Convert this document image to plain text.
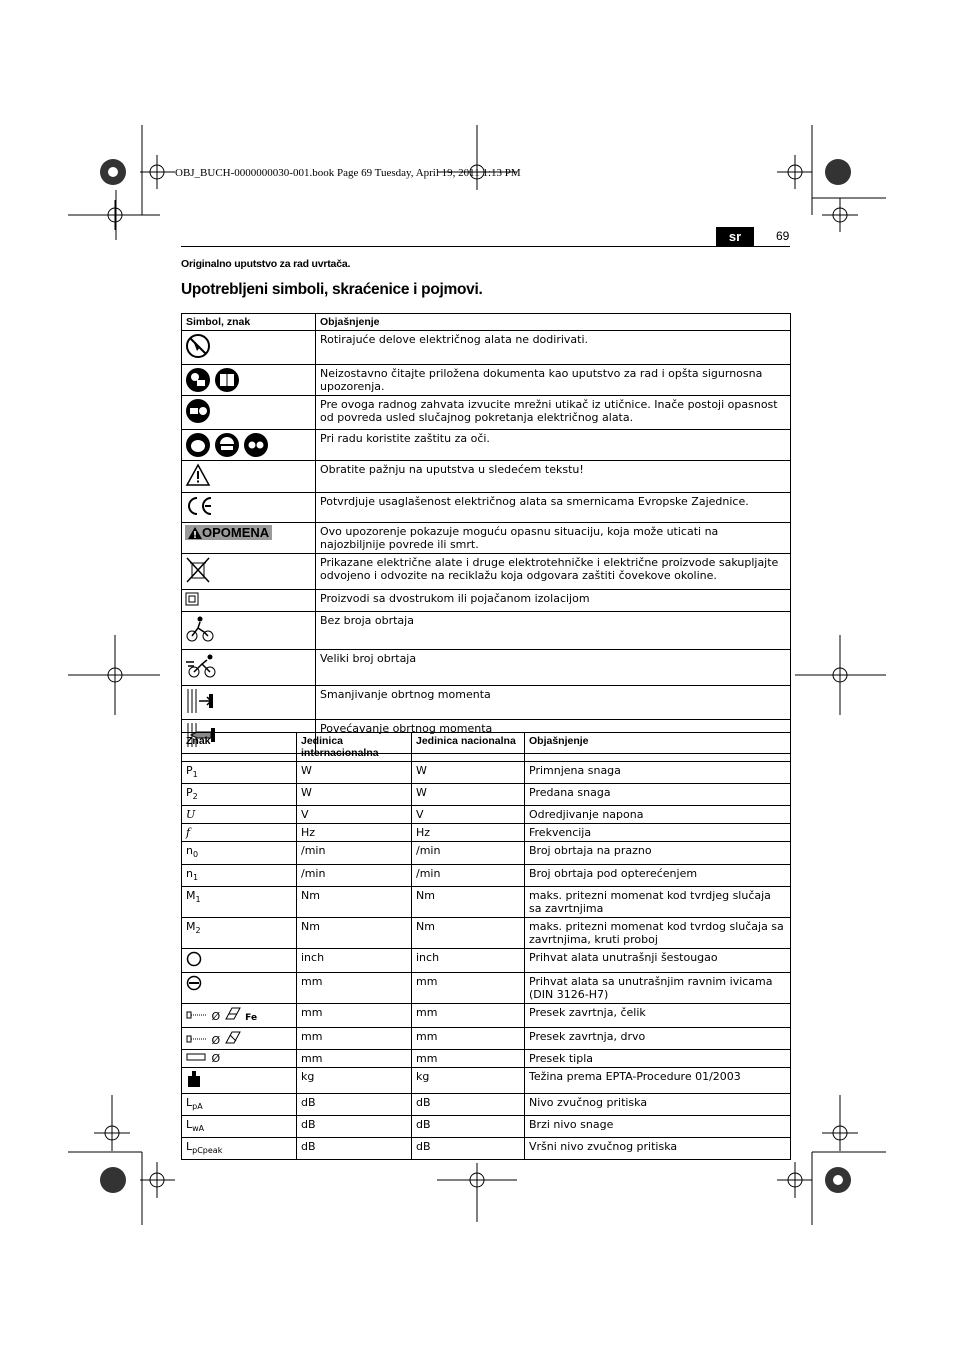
OBJ_BUCH-0000000030-001.book Page 69 Tuesday, April 19, 2011 1:13 PM
sr	69
Originalno uputstvo za rad uvrtača.
Upotrebljeni simboli, skraćenice i pojmovi.
Simbol, znak	Objašnjenje
	Rotirajuće delove električnog alata ne dodirivati.

	Neizostavno čitajte priložena dokumenta kao uputstvo za rad i opšta sigurnosna upozorenja.
	Pre ovoga radnog zahvata izvucite mrežni utikač iz utičnice. Inače postoji opasnost od povreda usled slučajnog pokretanja električnog alata.

	Pri radu koristite zaštitu za oči.
	Obratite pažnju na uputstva u sledećem tekstu!
	Potvrdjuje usaglašenost električnog alata sa smernicama Evropske Zajednice.

OPOMENA	Ovo upozorenje pokazuje moguću opasnu situaciju, koja može uticati na najozbiljnije povrede ili smrt.
	Prikazane električne alate i druge elektrotehničke i električne proizvode sakupljajte odvojeno i odvozite na reciklažu koja odgovara zaštiti čovekove okoline.
	Proizvodi sa dvostrukom ili pojačanom izolacijom
	Bez broja obrtaja
	Veliki broj obrtaja
	Smanjivanje obrtnog momenta
	Povećavanje obrtnog momenta
Znak	Jedinica internacionalna	Jedinica nacionalna	Objašnjenje
$P_1$	W	W	Primnjena snaga
$P_2$	W	W	Predana snaga
U	V	V	Odredjivanje napona
f	Hz	Hz	Frekvencija
$n_0$	/min	/min	Broj obrtaja na prazno
$n_1$	/min	/min	Broj obrtaja pod opterećenjem
$M_1$	Nm	Nm	maks. pritezni momenat kod tvrdjeg slučaja sa zavrtnjima
$M_2$	Nm	Nm	maks. pritezni momenat kod tvrdog slučaja sa zavrtnjima, kruti proboj
	inch	inch	Prihvat alata unutrašnji šestougao
	mm	mm	Prihvat alata sa unutrašnjim ravnim ivicama (DIN 3126-H7)
Ø Fe	mm	mm	Presek zavrtnja, čelik
Ø	mm	mm	Presek zavrtnja, drvo
Ø	mm	mm	Presek tipla
	kg	kg	Težina prema EPTA-Procedure 01/2003
$L_{pA}$	dB	dB	Nivo zvučnog pritiska
$L_{wA}$	dB	dB	Brzi nivo snage
$L_{pCpeak}$	dB	dB	Vršni nivo zvučnog pritiska
